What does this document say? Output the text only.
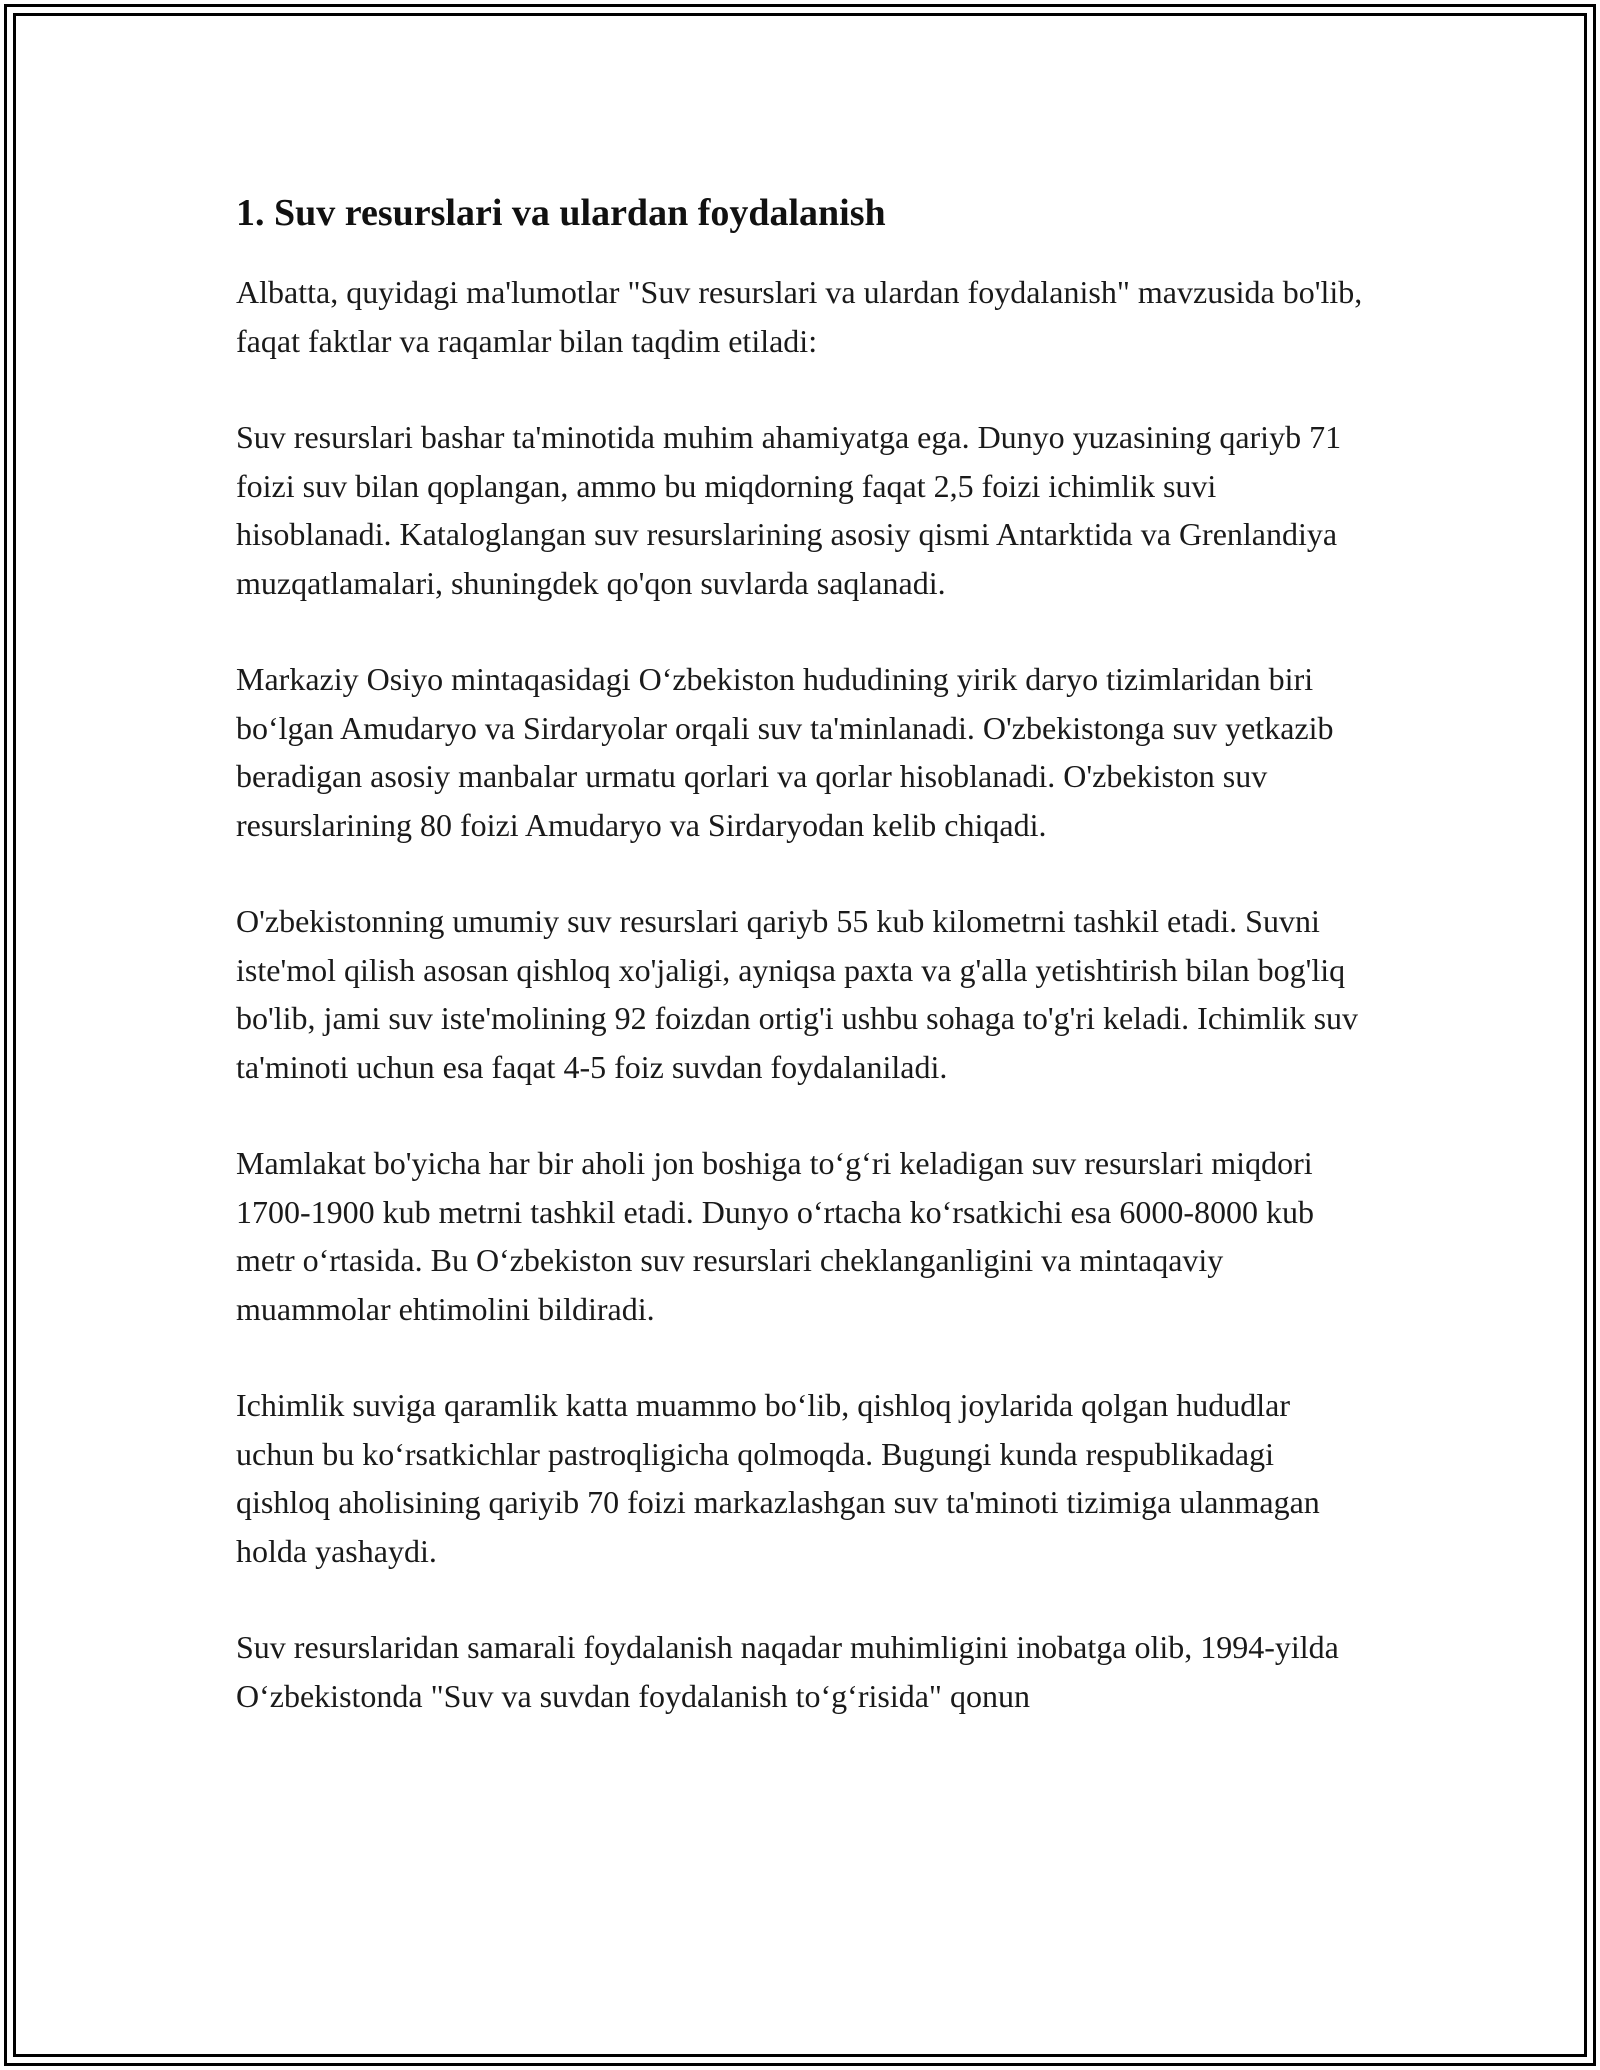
1. Suv resurslari va ulardan foydalanish

Albatta, quyidagi ma'lumotlar "Suv resurslari va ulardan foydalanish" mavzusida bo'lib, faqat faktlar va raqamlar bilan taqdim etiladi:

Suv resurslari bashar ta'minotida muhim ahamiyatga ega. Dunyo yuzasining qariyb 71 foizi suv bilan qoplangan, ammo bu miqdorning faqat 2,5 foizi ichimlik suvi hisoblanadi. Kataloglangan suv resurslarining asosiy qismi Antarktida va Grenlandiya muzqatlamalari, shuningdek qo'qon suvlarda saqlanadi.

Markaziy Osiyo mintaqasidagi O‘zbekiston hududining yirik daryo tizimlaridan biri bo‘lgan Amudaryo va Sirdaryolar orqali suv ta'minlanadi. O'zbekistonga suv yetkazib beradigan asosiy manbalar urmatu qorlari va qorlar hisoblanadi. O'zbekiston suv resurslarining 80 foizi Amudaryo va Sirdaryodan kelib chiqadi.

O'zbekistonning umumiy suv resurslari qariyb 55 kub kilometrni tashkil etadi. Suvni iste'mol qilish asosan qishloq xo'jaligi, ayniqsa paxta va g'alla yetishtirish bilan bog'liq bo'lib, jami suv iste'molining 92 foizdan ortig'i ushbu sohaga to'g'ri keladi. Ichimlik suv ta'minoti uchun esa faqat 4-5 foiz suvdan foydalaniladi.

Mamlakat bo'yicha har bir aholi jon boshiga to‘g‘ri keladigan suv resurslari miqdori 1700-1900 kub metrni tashkil etadi. Dunyo o‘rtacha ko‘rsatkichi esa 6000-8000 kub metr o‘rtasida. Bu O‘zbekiston suv resurslari cheklanganligini va mintaqaviy muammolar ehtimolini bildiradi.

Ichimlik suviga qaramlik katta muammo bo‘lib, qishloq joylarida qolgan hududlar uchun bu ko‘rsatkichlar pastroqligicha qolmoqda. Bugungi kunda respublikadagi qishloq aholisining qariyib 70 foizi markazlashgan suv ta'minoti tizimiga ulanmagan holda yashaydi.

Suv resurslaridan samarali foydalanish naqadar muhimligini inobatga olib, 1994-yilda O‘zbekistonda "Suv va suvdan foydalanish to‘g‘risida" qonun
